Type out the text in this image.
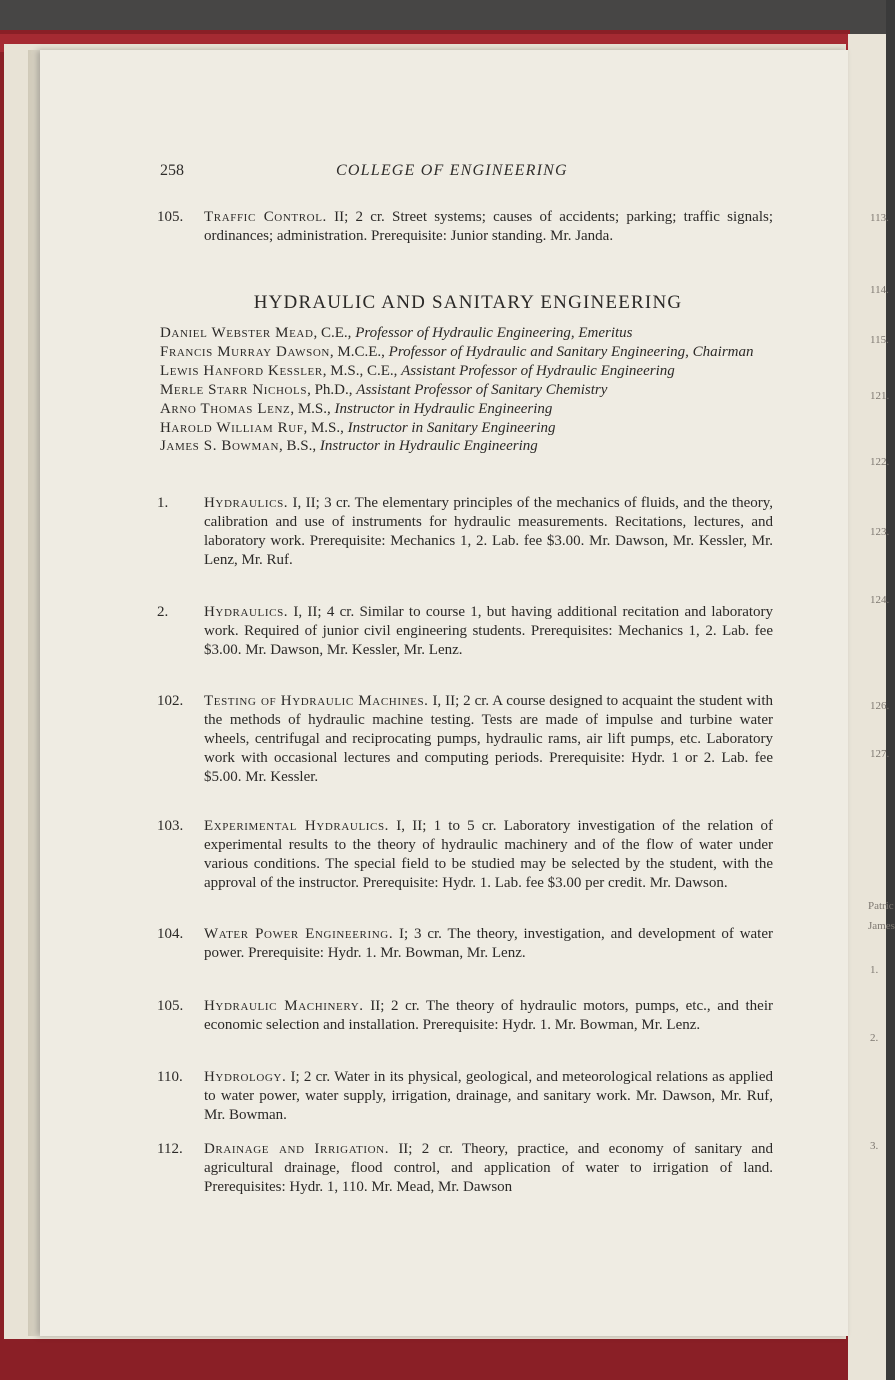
113.
114.
115.
121.
122.
123.
124.
126.
127.
Patric
James
1.
2.
3.
258	COLLEGE OF ENGINEERING
105.	Traffic Control. II; 2 cr. Street systems; causes of accidents; parking; traffic signals; ordinances; administration. Prerequisite: Junior standing. Mr. Janda.
HYDRAULIC AND SANITARY ENGINEERING

Daniel Webster Mead, C.E., Professor of Hydraulic Engineering, Emeritus

Francis Murray Dawson, M.C.E., Professor of Hydraulic and Sanitary Engineering, Chairman

Lewis Hanford Kessler, M.S., C.E., Assistant Professor of Hydraulic Engineering

Merle Starr Nichols, Ph.D., Assistant Professor of Sanitary Chemistry

Arno Thomas Lenz, M.S., Instructor in Hydraulic Engineering

Harold William Ruf, M.S., Instructor in Sanitary Engineering

James S. Bowman, B.S., Instructor in Hydraulic Engineering

1.	Hydraulics. I, II; 3 cr. The elementary principles of the mechanics of fluids, and the theory, calibration and use of instruments for hydraulic measurements. Recitations, lectures, and laboratory work. Prerequisite: Mechanics 1, 2. Lab. fee $3.00. Mr. Dawson, Mr. Kessler, Mr. Lenz, Mr. Ruf.
2.	Hydraulics. I, II; 4 cr. Similar to course 1, but having additional recitation and laboratory work. Required of junior civil engineering students. Prerequisites: Mechanics 1, 2. Lab. fee $3.00. Mr. Dawson, Mr. Kessler, Mr. Lenz.
102.	Testing of Hydraulic Machines. I, II; 2 cr. A course designed to acquaint the student with the methods of hydraulic machine testing. Tests are made of impulse and turbine water wheels, centrifugal and reciprocating pumps, hydraulic rams, air lift pumps, etc. Laboratory work with occasional lectures and computing periods. Prerequisite: Hydr. 1 or 2. Lab. fee $5.00. Mr. Kessler.
103.	Experimental Hydraulics. I, II; 1 to 5 cr. Laboratory investigation of the relation of experimental results to the theory of hydraulic machinery and of the flow of water under various conditions. The special field to be studied may be selected by the student, with the approval of the instructor. Prerequisite: Hydr. 1. Lab. fee $3.00 per credit. Mr. Dawson.
104.	Water Power Engineering. I; 3 cr. The theory, investigation, and development of water power. Prerequisite: Hydr. 1. Mr. Bowman, Mr. Lenz.
105.	Hydraulic Machinery. II; 2 cr. The theory of hydraulic motors, pumps, etc., and their economic selection and installation. Prerequisite: Hydr. 1. Mr. Bowman, Mr. Lenz.
110.	Hydrology. I; 2 cr. Water in its physical, geological, and meteorological relations as applied to water power, water supply, irrigation, drainage, and sanitary work. Mr. Dawson, Mr. Ruf, Mr. Bowman.
112.	Drainage and Irrigation. II; 2 cr. Theory, practice, and economy of sanitary and agricultural drainage, flood control, and application of water to irrigation of land. Prerequisites: Hydr. 1, 110. Mr. Mead, Mr. Dawson
